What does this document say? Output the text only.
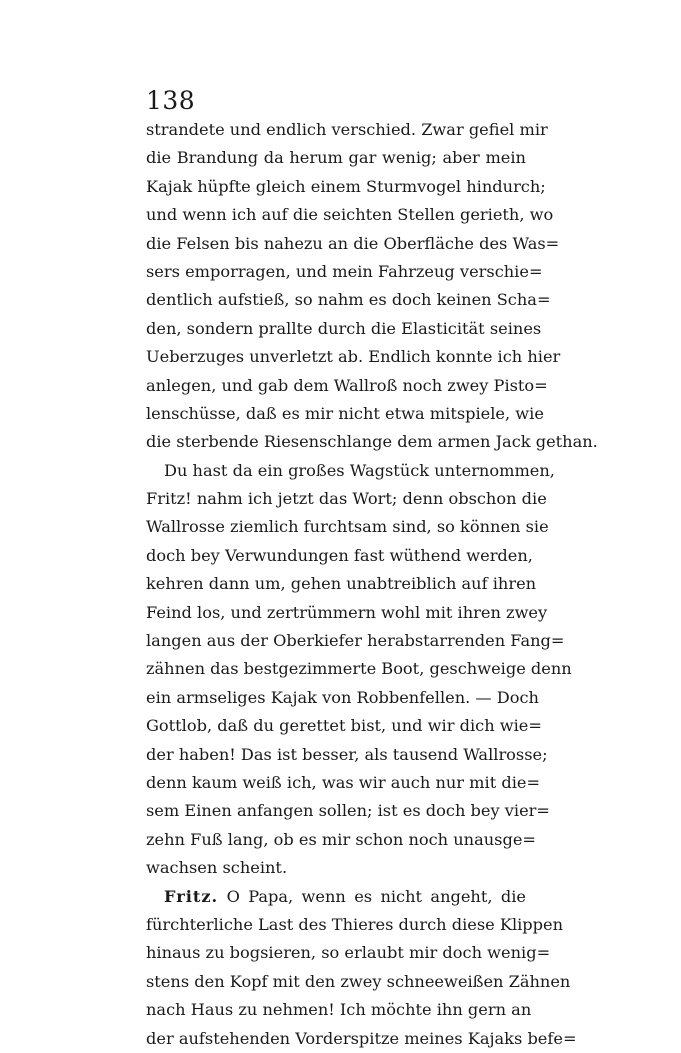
138
strandete und endlich verschied. Zwar gefiel mir
die Brandung da herum gar wenig; aber mein
Kajak hüpfte gleich einem Sturmvogel hindurch;
und wenn ich auf die seichten Stellen gerieth, wo
die Felsen bis nahezu an die Oberfläche des Was=
sers emporragen, und mein Fahrzeug verschie=
dentlich aufstieß, so nahm es doch keinen Scha=
den, sondern prallte durch die Elasticität seines
Ueberzuges unverletzt ab. Endlich konnte ich hier
anlegen, und gab dem Wallroß noch zwey Pisto=
lenschüsse, daß es mir nicht etwa mitspiele, wie
die sterbende Riesenschlange dem armen Jack gethan.
Du hast da ein großes Wagstück unternommen,
Fritz! nahm ich jetzt das Wort; denn obschon die
Wallrosse ziemlich furchtsam sind, so können sie
doch bey Verwundungen fast wüthend werden,
kehren dann um, gehen unabtreiblich auf ihren
Feind los, und zertrümmern wohl mit ihren zwey
langen aus der Oberkiefer herabstarrenden Fang=
zähnen das bestgezimmerte Boot, geschweige denn
ein armseliges Kajak von Robbenfellen. — Doch
Gottlob, daß du gerettet bist, und wir dich wie=
der haben! Das ist besser, als tausend Wallrosse;
denn kaum weiß ich, was wir auch nur mit die=
sem Einen anfangen sollen; ist es doch bey vier=
zehn Fuß lang, ob es mir schon noch unausge=
wachsen scheint.
Fritz. O Papa, wenn es nicht angeht, die
fürchterliche Last des Thieres durch diese Klippen
hinaus zu bogsieren, so erlaubt mir doch wenig=
stens den Kopf mit den zwey schneeweißen Zähnen
nach Haus zu nehmen! Ich möchte ihn gern an
der aufstehenden Vorderspitze meines Kajaks befe=
